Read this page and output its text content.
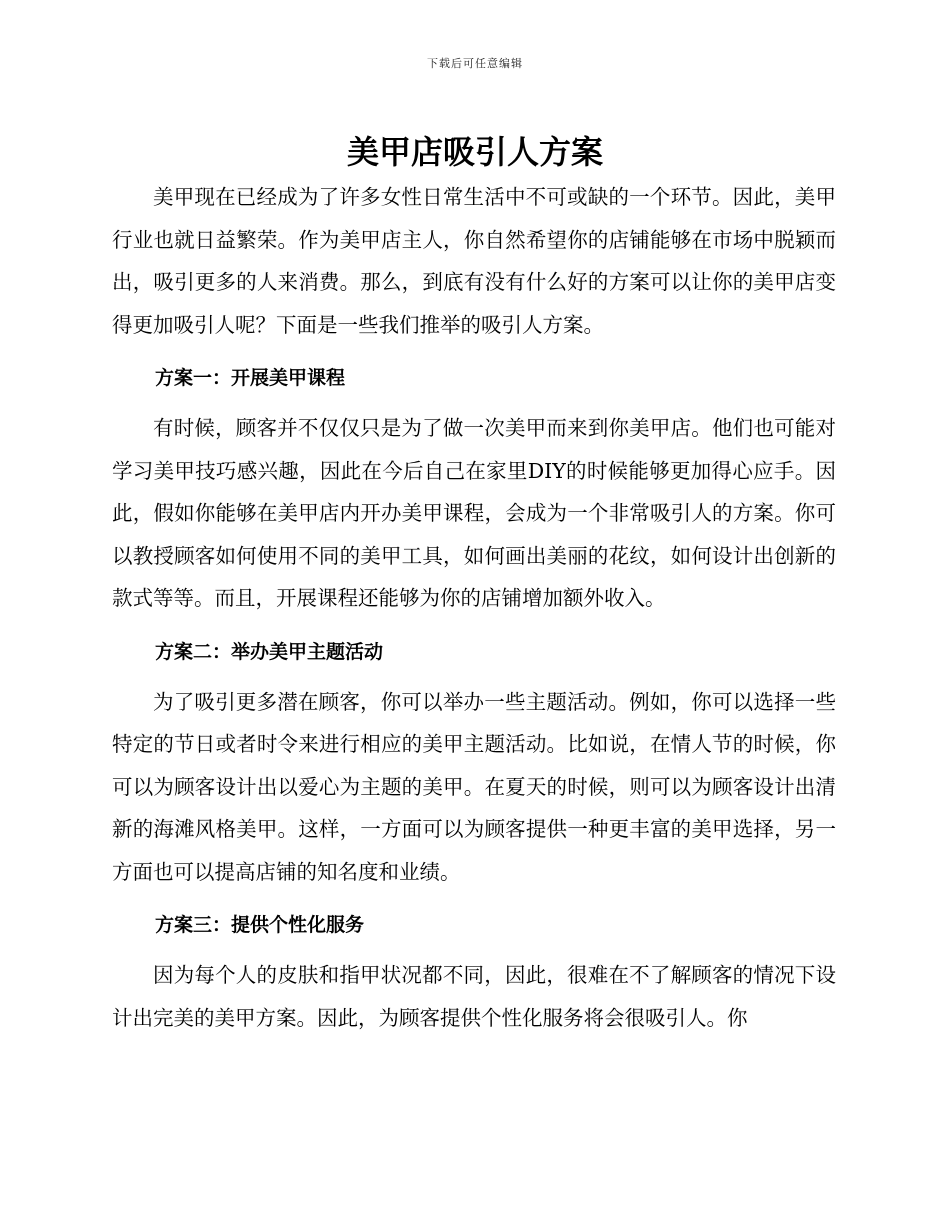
下载后可任意编辑
美甲店吸引人方案

美甲现在已经成为了许多女性日常生活中不可或缺的一个环节。因此，美甲行业也就日益繁荣。作为美甲店主人，你自然希望你的店铺能够在市场中脱颖而出，吸引更多的人来消费。那么，到底有没有什么好的方案可以让你的美甲店变得更加吸引人呢？下面是一些我们推举的吸引人方案。

方案一：开展美甲课程

有时候，顾客并不仅仅只是为了做一次美甲而来到你美甲店。他们也可能对学习美甲技巧感兴趣，因此在今后自己在家里DIY的时候能够更加得心应手。因此，假如你能够在美甲店内开办美甲课程，会成为一个非常吸引人的方案。你可以教授顾客如何使用不同的美甲工具，如何画出美丽的花纹，如何设计出创新的款式等等。而且，开展课程还能够为你的店铺增加额外收入。

方案二：举办美甲主题活动

为了吸引更多潜在顾客，你可以举办一些主题活动。例如，你可以选择一些特定的节日或者时令来进行相应的美甲主题活动。比如说，在情人节的时候，你可以为顾客设计出以爱心为主题的美甲。在夏天的时候，则可以为顾客设计出清新的海滩风格美甲。这样，一方面可以为顾客提供一种更丰富的美甲选择，另一方面也可以提高店铺的知名度和业绩。

方案三：提供个性化服务

因为每个人的皮肤和指甲状况都不同，因此，很难在不了解顾客的情况下设计出完美的美甲方案。因此，为顾客提供个性化服务将会很吸引人。你
